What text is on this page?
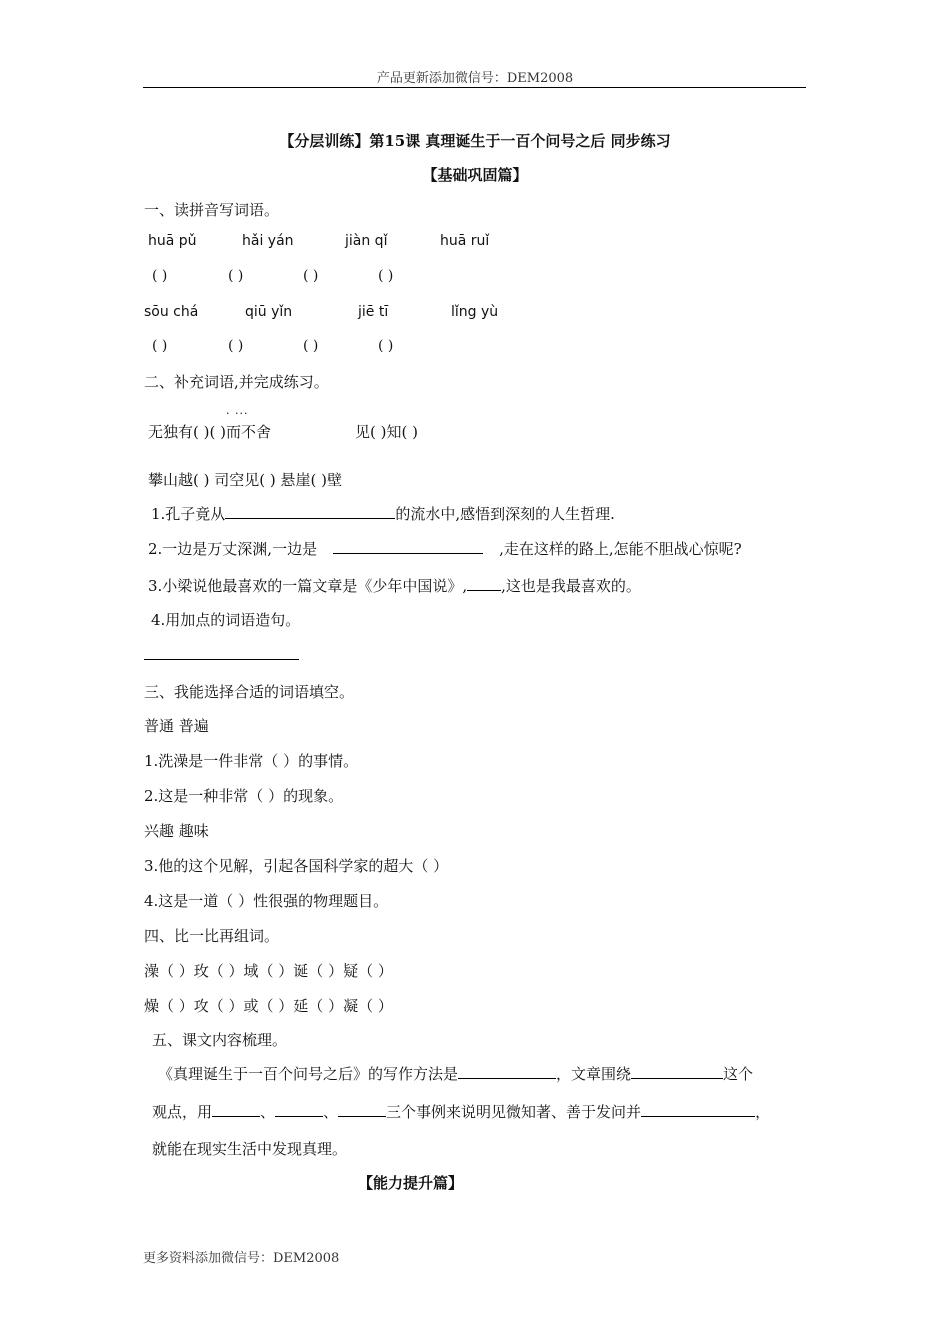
产品更新添加微信号：DEM2008
【分层训练】第15课 真理诞生于一百个问号之后 同步练习
【基础巩固篇】
一、读拼音写词语。
huā pǔ	hǎi yán	jiàn qǐ	huā ruǐ
( )	( )	( )	( )
sōu chá	qiū yǐn	jiē tī	lǐng yù
( )	( )	( )	( )
二、补充词语,并完成练习。
. ...
无独有( )( )而不舍	见( )知( )
攀山越( ) 司空见( ) 悬崖( )壁
1.孔子竟从	的流水中,感悟到深刻的人生哲理.
2.一边是万丈深渊,一边是	,走在这样的路上,怎能不胆战心惊呢?
3.小梁说他最喜欢的一篇文章是《少年中国说》, ,这也是我最喜欢的。
4.用加点的词语造句。
三、我能选择合适的词语填空。
普通 普遍
1.洗澡是一件非常（ ）的事情。
2.这是一种非常（ ）的现象。
兴趣 趣味
3.他的这个见解，引起各国科学家的超大（ ）
4.这是一道（ ）性很强的物理题目。
四、比一比再组词。
澡（ ）玫（ ）域（ ）诞（ ）疑（ ）
燥（ ）攻（ ）或（ ）延（ ）凝（ ）
五、课文内容梳理。
《真理诞生于一百个问号之后》的写作方法是	，文章围绕	这个
观点，用	、	、	三个事例来说明见微知著、善于发问并	，
就能在现实生活中发现真理。
【能力提升篇】
更多资料添加微信号：DEM2008
